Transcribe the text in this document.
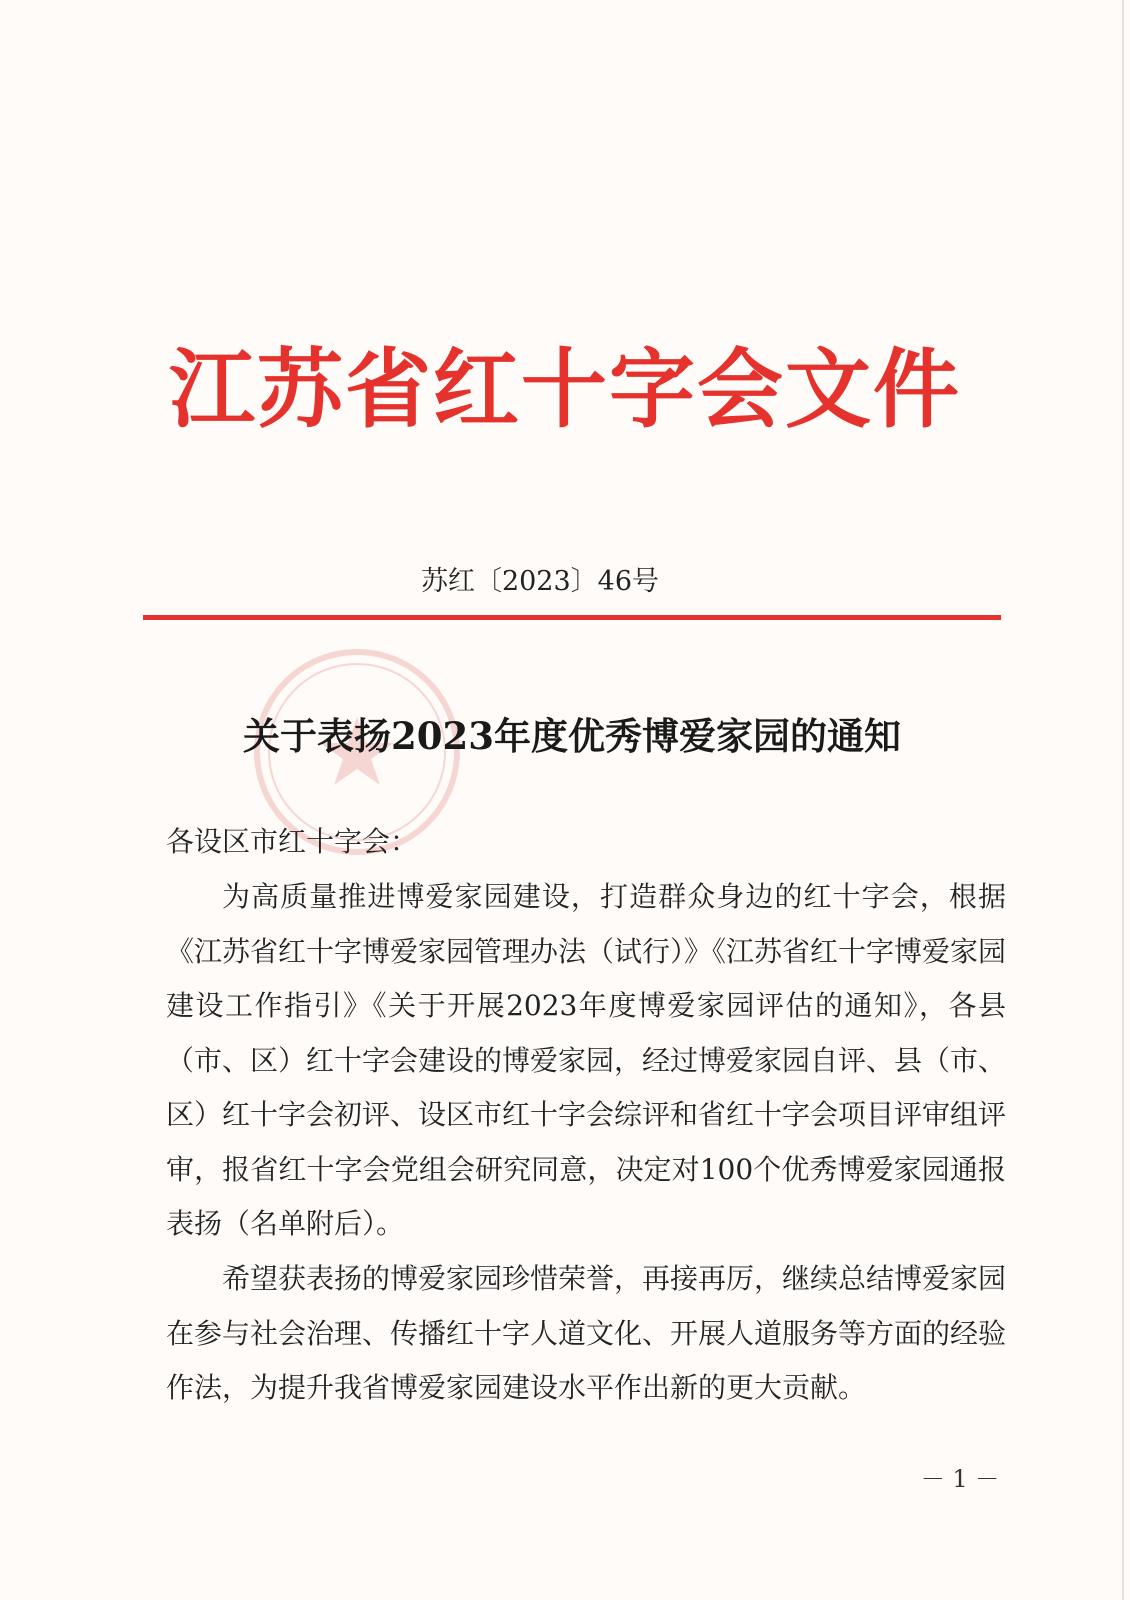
江苏省红十字会文件
苏红〔2023〕46号
关于表扬2023年度优秀博爱家园的通知
各设区市红十字会：

为高质量推进博爱家园建设，打造群众身边的红十字会，根据《江苏省红十字博爱家园管理办法（试行）》《江苏省红十字博爱家园建设工作指引》《关于开展2023年度博爱家园评估的通知》，各县（市、区）红十字会建设的博爱家园，经过博爱家园自评、县（市、区）红十字会初评、设区市红十字会综评和省红十字会项目评审组评审，报省红十字会党组会研究同意，决定对100个优秀博爱家园通报表扬（名单附后）。

希望获表扬的博爱家园珍惜荣誉，再接再厉，继续总结博爱家园在参与社会治理、传播红十字人道文化、开展人道服务等方面的经验作法，为提升我省博爱家园建设水平作出新的更大贡献。

－ 1 －
